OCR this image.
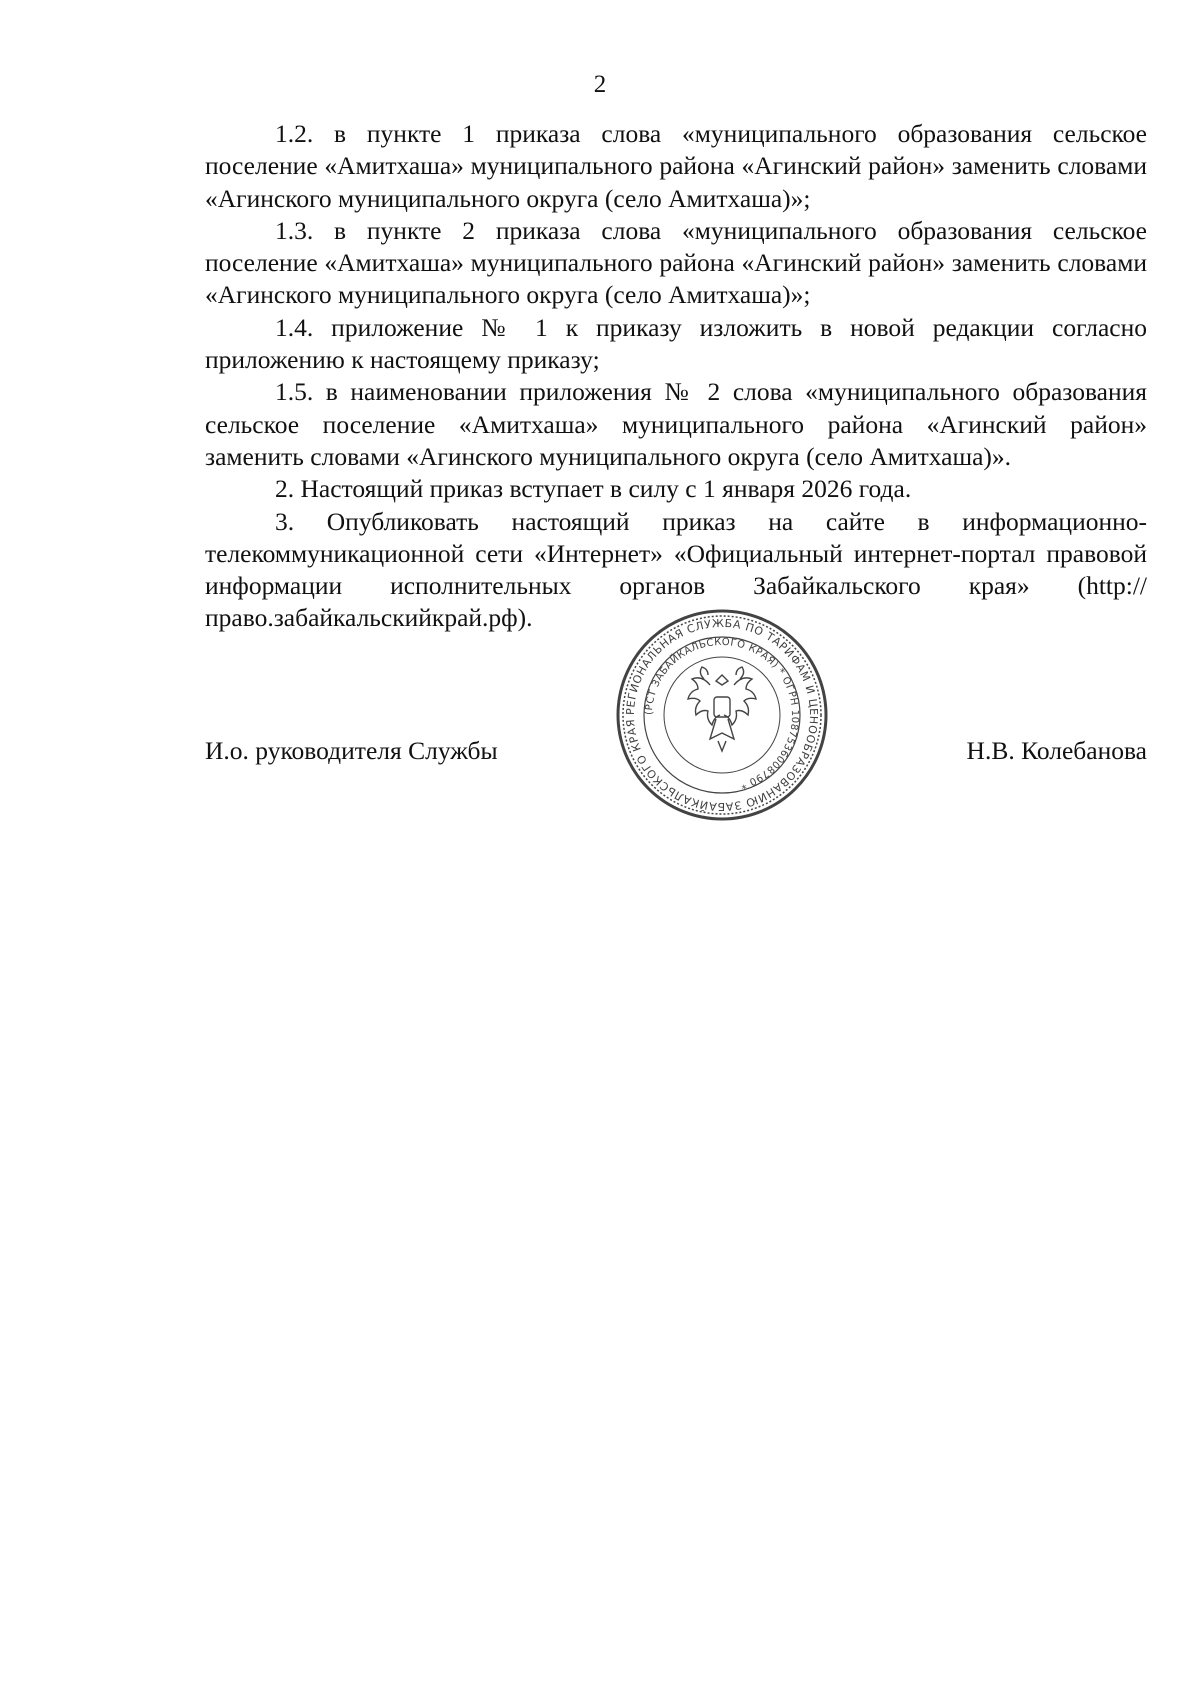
2

1.2. в пункте 1 приказа слова «муниципального образования сельское поселение «Амитхаша» муниципального района «Агинский район» заменить словами «Агинского муниципального округа (село Амитхаша)»;

1.3. в пункте 2 приказа слова «муниципального образования сельское поселение «Амитхаша» муниципального района «Агинский район» заменить словами «Агинского муниципального округа (село Амитхаша)»;

1.4. приложение № 1 к приказу изложить в новой редакции согласно приложению к настоящему приказу;

1.5. в наименовании приложения № 2 слова «муниципального образования сельское поселение «Амитхаша» муниципального района «Агинский район» заменить словами «Агинского муниципального округа (село Амитхаша)».

2. Настоящий приказ вступает в силу с 1 января 2026 года.

3. Опубликовать настоящий приказ на сайте в информационно-телекоммуникационной сети «Интернет» «Официальный интернет-портал правовой информации исполнительных органов Забайкальского края» (http://право.забайкальскийкрай.рф).

И.о. руководителя Службы	Н.В. Колебанова
РЕГИОНАЛЬНАЯ СЛУЖБА ПО ТАРИФАМ И ЦЕНООБРАЗОВАНИЮ ЗАБАЙКАЛЬСКОГО КРАЯ
(РСТ ЗАБАЙКАЛЬСКОГО КРАЯ) * ОГРН 1087536008790 *
